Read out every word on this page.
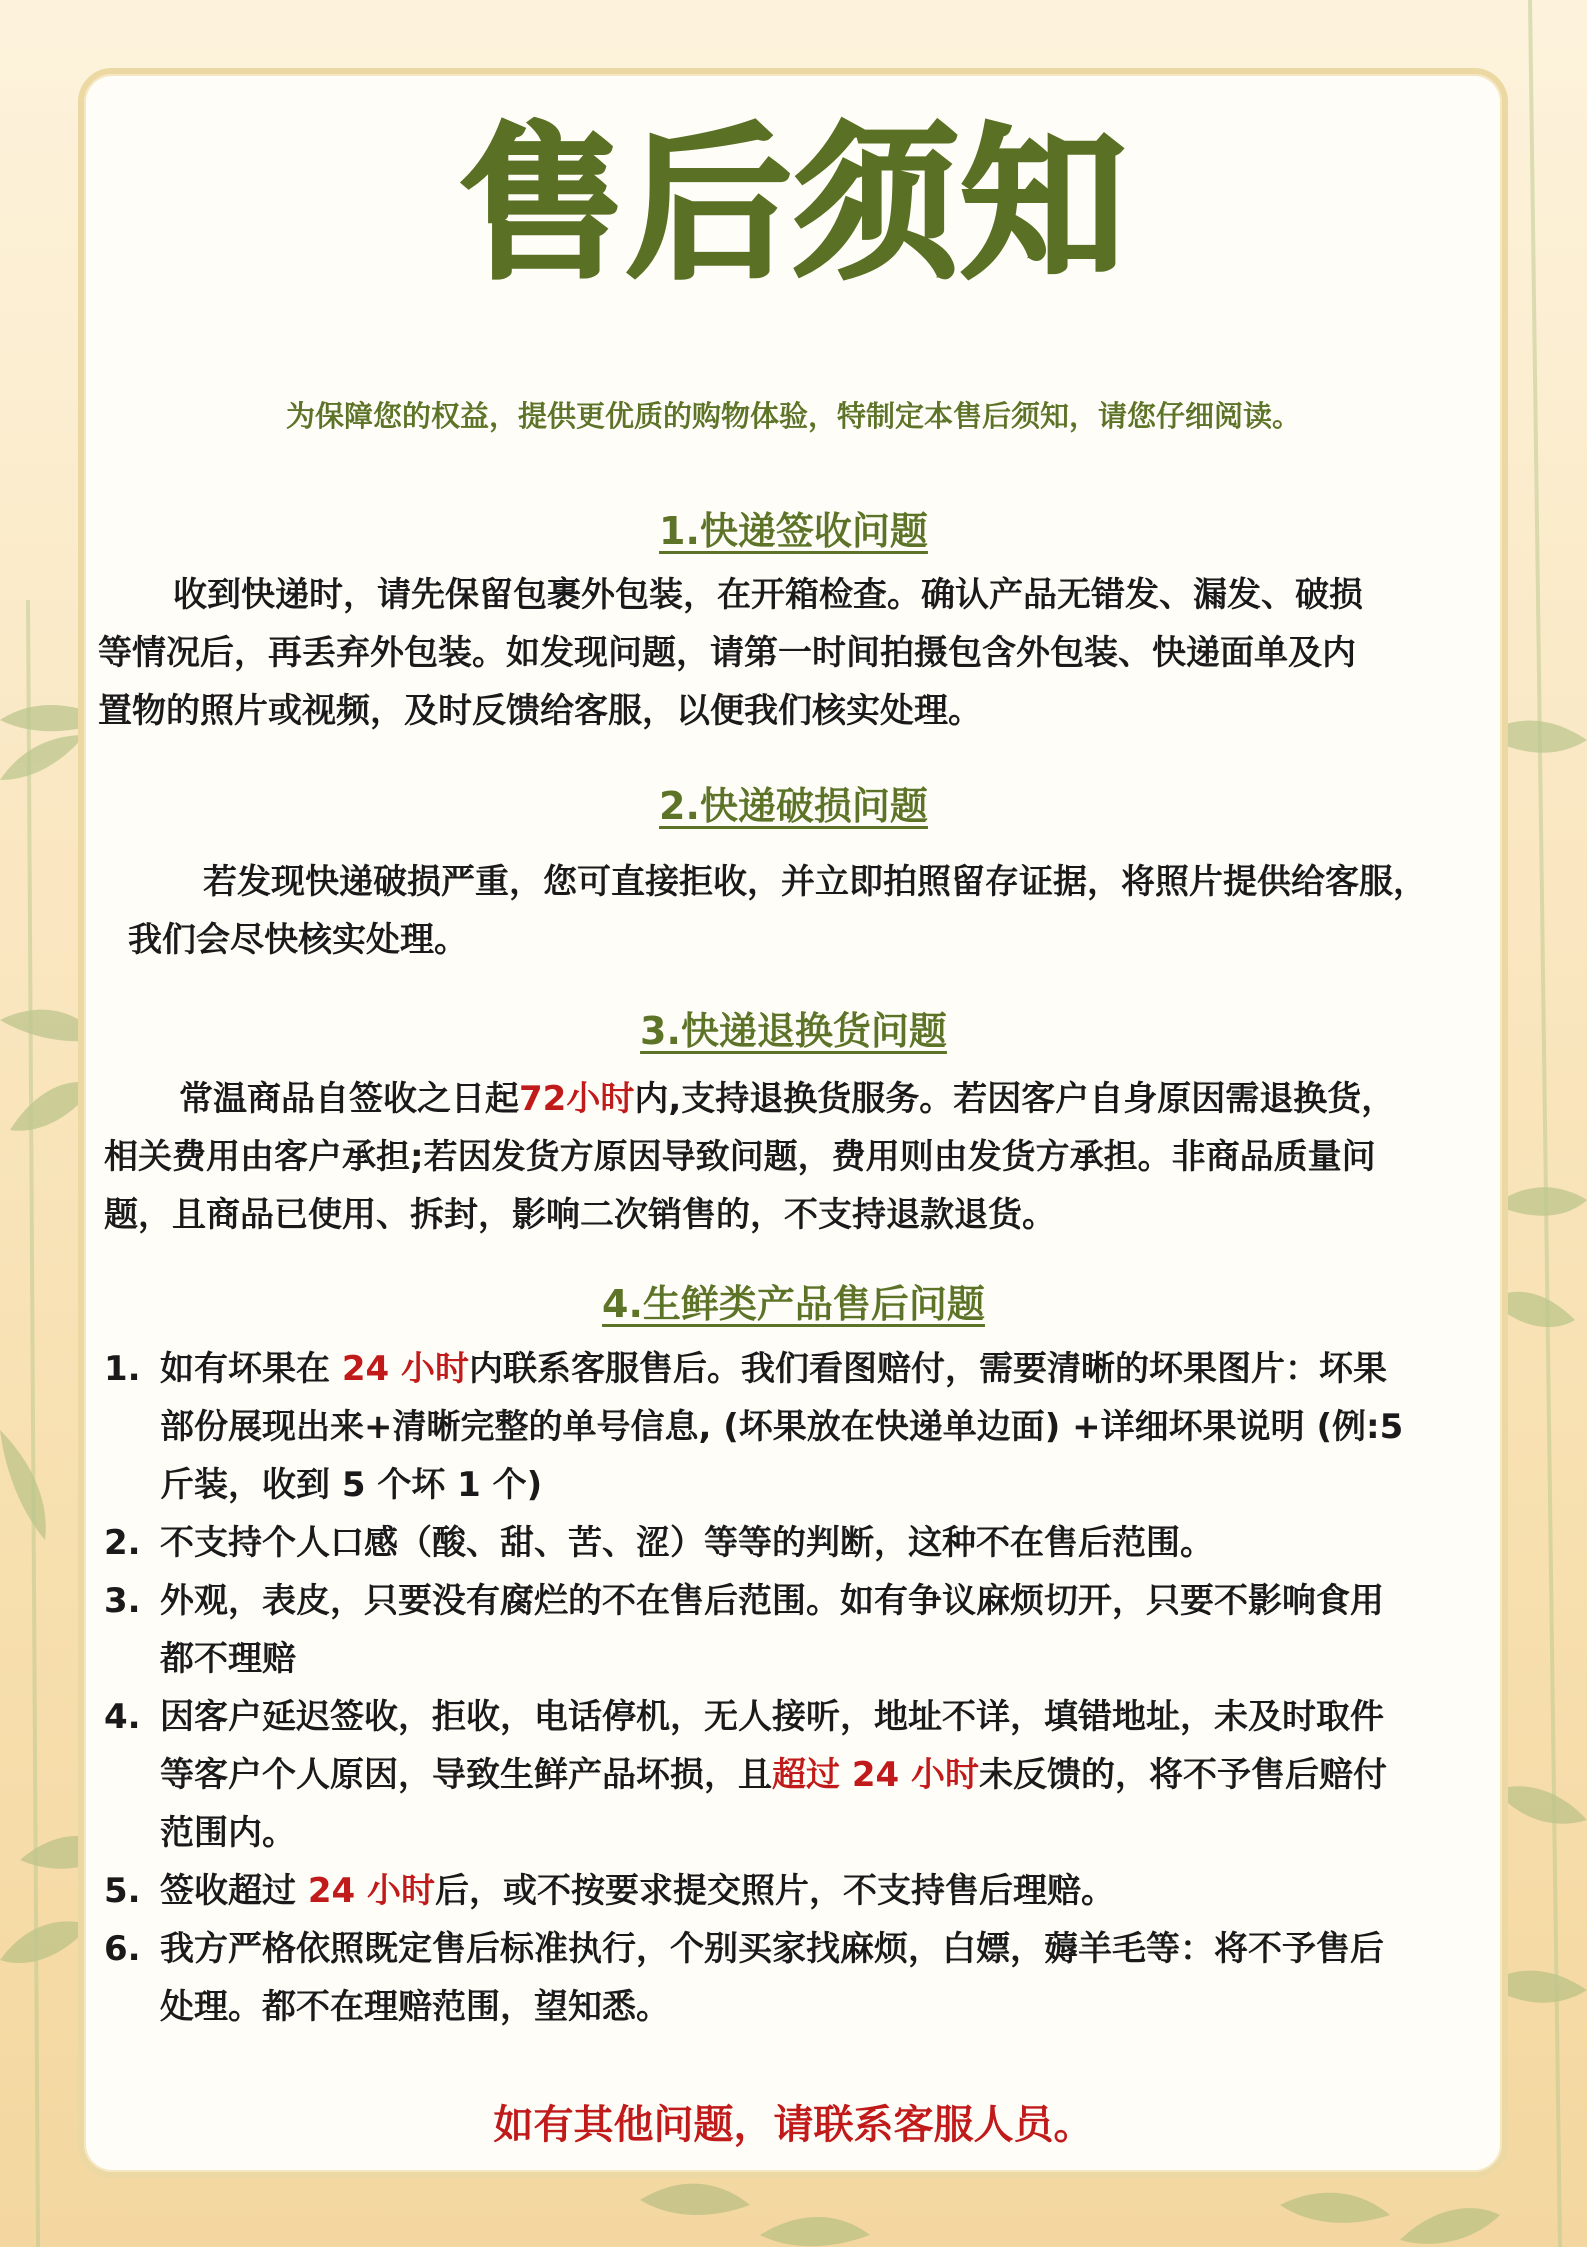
售后须知

为保障您的权益，提供更优质的购物体验，特制定本售后须知，请您仔细阅读。

1.快递签收问题
收到快递时，请先保留包裹外包装，在开箱检查。确认产品无错发、漏发、破损
等情况后，再丢弃外包装。如发现问题，请第一时间拍摄包含外包装、快递面单及内
置物的照片或视频，及时反馈给客服，以便我们核实处理。
2.快递破损问题
若发现快递破损严重，您可直接拒收，并立即拍照留存证据，将照片提供给客服，
我们会尽快核实处理。
3.快递退换货问题
常温商品自签收之日起72小时内,支持退换货服务。若因客户自身原因需退换货，
相关费用由客户承担;若因发货方原因导致问题，费用则由发货方承担。非商品质量问
题，且商品已使用、拆封，影响二次销售的，不支持退款退货。
4.生鲜类产品售后问题
1. 如有坏果在 24 小时内联系客服售后。我们看图赔付，需要清晰的坏果图片：坏果
部份展现出来+清晰完整的单号信息, (坏果放在快递单边面) +详细坏果说明 (例:5
斤装，收到 5 个坏 1 个)
2. 不支持个人口感（酸、甜、苦、涩）等等的判断，这种不在售后范围。
3. 外观，表皮，只要没有腐烂的不在售后范围。如有争议麻烦切开，只要不影响食用
都不理赔
4. 因客户延迟签收，拒收，电话停机，无人接听，地址不详，填错地址，未及时取件
等客户个人原因，导致生鲜产品坏损，且超过 24 小时未反馈的，将不予售后赔付
范围内。
5. 签收超过 24 小时后，或不按要求提交照片，不支持售后理赔。
6. 我方严格依照既定售后标准执行，个别买家找麻烦，白嫖，薅羊毛等：将不予售后
处理。都不在理赔范围，望知悉。

如有其他问题，请联系客服人员。
